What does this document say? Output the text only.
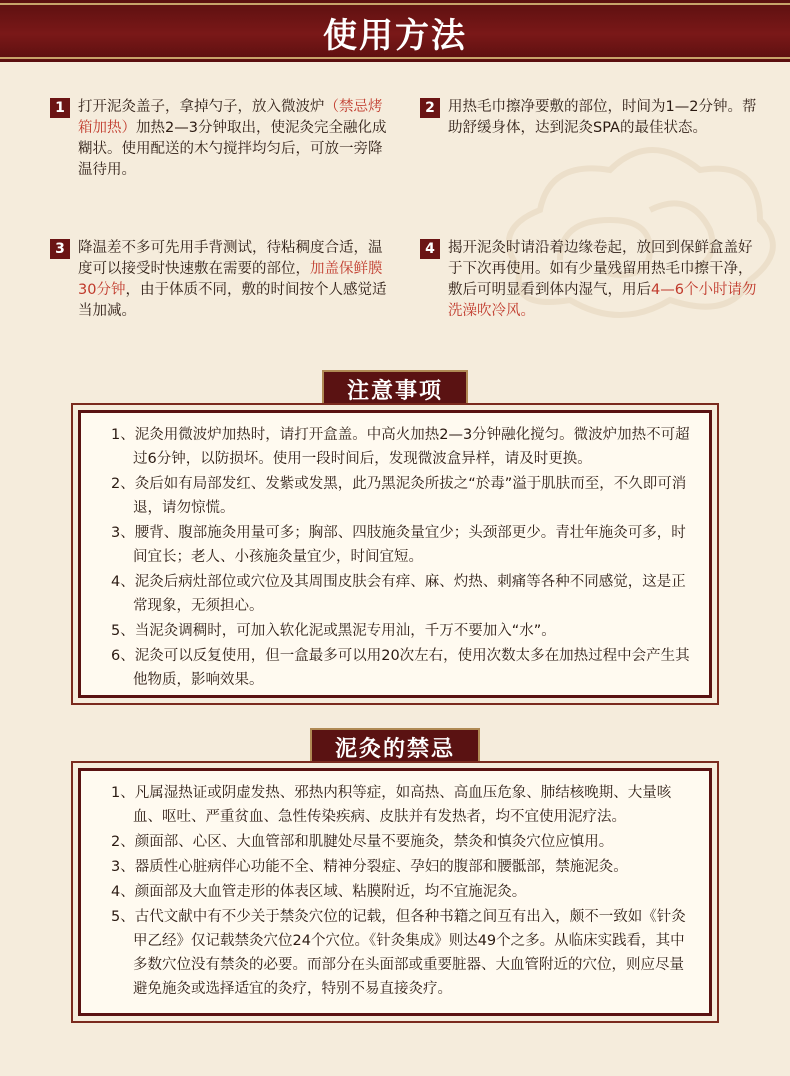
使用方法
1 打开泥灸盖子，拿掉勺子，放入微波炉（禁忌烤箱加热）加热2—3分钟取出，使泥灸完全融化成糊状。使用配送的木勺搅拌均匀后，可放一旁降温待用。
2 用热毛巾擦净要敷的部位，时间为1—2分钟。帮助舒缓身体，达到泥灸SPA的最佳状态。
3 降温差不多可先用手背测试，待粘稠度合适，温度可以接受时快速敷在需要的部位，加盖保鲜膜30分钟，由于体质不同，敷的时间按个人感觉适当加减。
4 揭开泥灸时请沿着边缘卷起，放回到保鲜盒盖好于下次再使用。如有少量残留用热毛巾擦干净，敷后可明显看到体内湿气，用后4—6个小时请勿洗澡吹冷风。
注意事项
1、泥灸用微波炉加热时，请打开盒盖。中高火加热2—3分钟融化搅匀。微波炉加热不可超过6分钟，以防损坏。使用一段时间后，发现微波盒异样，请及时更换。
2、灸后如有局部发红、发紫或发黑，此乃黑泥灸所拔之“於毒”溢于肌肤而至，不久即可消退，请勿惊慌。
3、腰背、腹部施灸用量可多；胸部、四肢施灸量宜少；头颈部更少。青壮年施灸可多，时间宜长；老人、小孩施灸量宜少，时间宜短。
4、泥灸后病灶部位或穴位及其周围皮肤会有痒、麻、灼热、刺痛等各种不同感觉，这是正常现象，无须担心。
5、当泥灸调稠时，可加入软化泥或黑泥专用汕，千万不要加入“水”。
6、泥灸可以反复使用，但一盒最多可以用20次左右，使用次数太多在加热过程中会产生其他物质，影响效果。
泥灸的禁忌
1、凡属湿热证或阴虚发热、邪热内积等症，如高热、高血压危象、肺结核晚期、大量咳血、呕吐、严重贫血、急性传染疾病、皮肤并有发热者，均不宜使用泥疗法。
2、颜面部、心区、大血管部和肌腱处尽量不要施灸，禁灸和慎灸穴位应慎用。
3、器质性心脏病伴心功能不全、精神分裂症、孕妇的腹部和腰骶部，禁施泥灸。
4、颜面部及大血管走形的体表区域、粘膜附近，均不宜施泥灸。
5、古代文献中有不少关于禁灸穴位的记载，但各种书籍之间互有出入，颇不一致如《针灸甲乙经》仅记载禁灸穴位24个穴位。《针灸集成》则达49个之多。从临床实践看，其中多数穴位没有禁灸的必要。而部分在头面部或重要脏器、大血管附近的穴位，则应尽量避免施灸或选择适宜的灸疗，特别不易直接灸疗。
